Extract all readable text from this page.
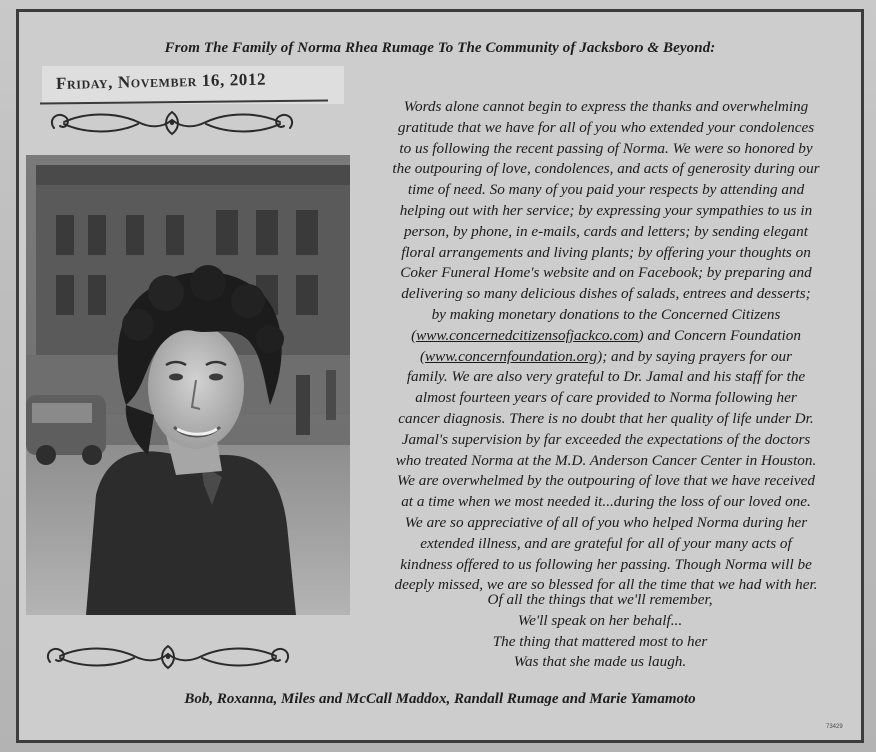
From The Family of Norma Rhea Rumage To The Community of Jacksboro & Beyond:

Friday, November 16, 2012
Words alone cannot begin to express the thanks and overwhelming
gratitude that we have for all of you who extended your condolences
to us following the recent passing of Norma. We were so honored by
the outpouring of love, condolences, and acts of generosity during our
time of need. So many of you paid your respects by attending and
helping out with her service; by expressing your sympathies to us in
person, by phone, in e-mails, cards and letters; by sending elegant
floral arrangements and living plants; by offering your thoughts on
Coker Funeral Home's website and on Facebook; by preparing and
delivering so many delicious dishes of salads, entrees and desserts;
by making monetary donations to the Concerned Citizens
(www.concernedcitizensofjackco.com) and Concern Foundation
(www.concernfoundation.org); and by saying prayers for our
family. We are also very grateful to Dr. Jamal and his staff for the
almost fourteen years of care provided to Norma following her
cancer diagnosis. There is no doubt that her quality of life under Dr.
Jamal's supervision by far exceeded the expectations of the doctors
who treated Norma at the M.D. Anderson Cancer Center in Houston.
We are overwhelmed by the outpouring of love that we have received
at a time when we most needed it...during the loss of our loved one.
We are so appreciative of all of you who helped Norma during her
extended illness, and are grateful for all of your many acts of
kindness offered to us following her passing. Though Norma will be
deeply missed, we are so blessed for all the time that we had with her.
Of all the things that we'll remember,
We'll speak on her behalf...
The thing that mattered most to her
Was that she made us laugh.

Bob, Roxanna, Miles and McCall Maddox, Randall Rumage and Marie Yamamoto

73429
